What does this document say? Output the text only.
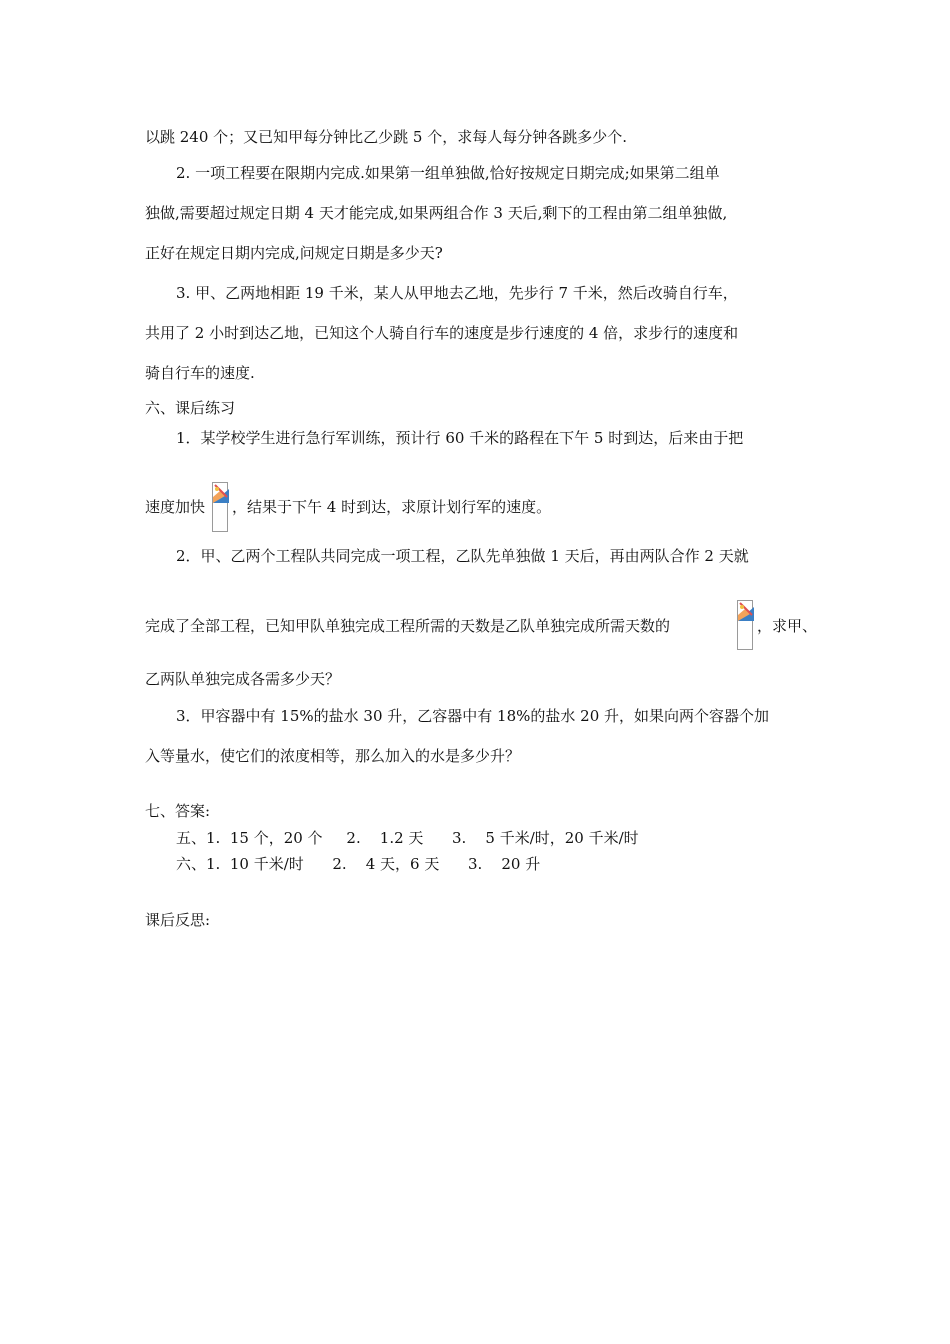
以跳 240 个；又已知甲每分钟比乙少跳 5 个，求每人每分钟各跳多少个.
2. 一项工程要在限期内完成.如果第一组单独做,恰好按规定日期完成;如果第二组单
独做,需要超过规定日期 4 天才能完成,如果两组合作 3 天后,剩下的工程由第二组单独做,
正好在规定日期内完成,问规定日期是多少天?
3. 甲、乙两地相距 19 千米，某人从甲地去乙地，先步行 7 千米，然后改骑自行车，
共用了 2 小时到达乙地，已知这个人骑自行车的速度是步行速度的 4 倍，求步行的速度和
骑自行车的速度.
六、课后练习
1．某学校学生进行急行军训练，预计行 60 千米的路程在下午 5 时到达，后来由于把
速度加快 ，结果于下午 4 时到达，求原计划行军的速度。
2．甲、乙两个工程队共同完成一项工程，乙队先单独做 1 天后，再由两队合作 2 天就
完成了全部工程，已知甲队单独完成工程所需的天数是乙队单独完成所需天数的	，求甲、
乙两队单独完成各需多少天？
3．甲容器中有 15%的盐水 30 升，乙容器中有 18%的盐水 20 升，如果向两个容器个加
入等量水，使它们的浓度相等，那么加入的水是多少升？
七、答案:
五、1.  15 个，20 个     2.    1.2 天      3.    5 千米/时，20 千米/时
六、1.  10 千米/时      2.    4 天，6 天      3.    20 升
课后反思:
